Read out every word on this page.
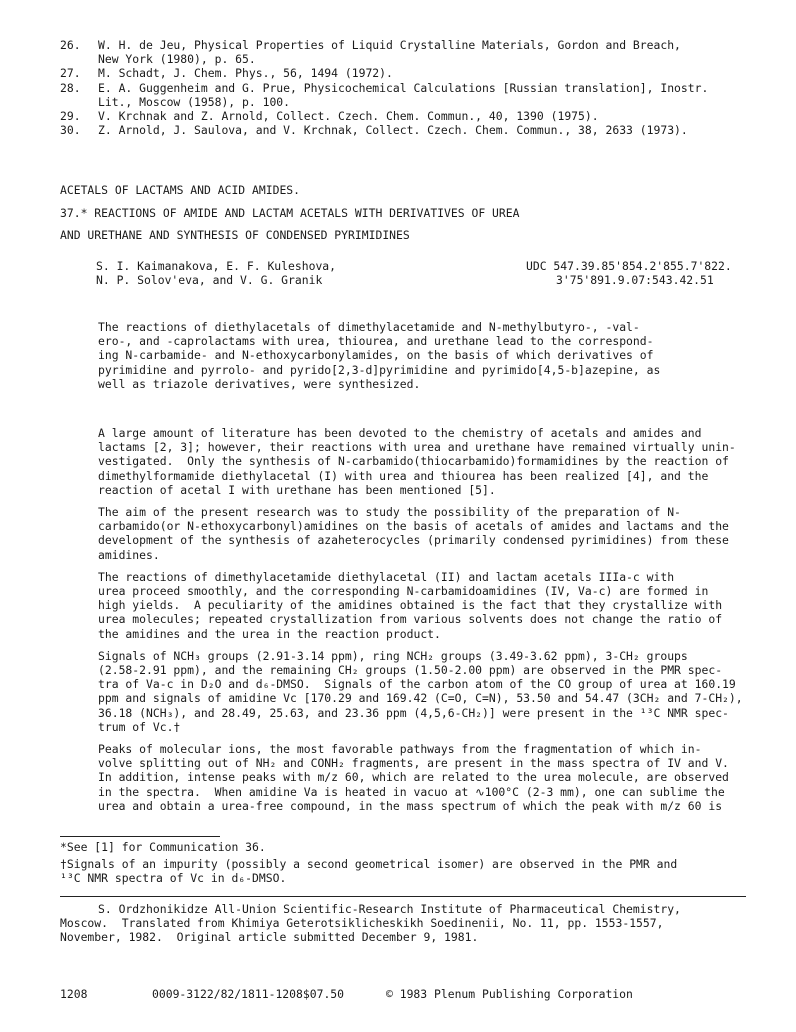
26. W. H. de Jeu, Physical Properties of Liquid Crystalline Materials, Gordon and Breach,
New York (1980), p. 65.
27. M. Schadt, J. Chem. Phys., 56, 1494 (1972).
28. E. A. Guggenheim and G. Prue, Physicochemical Calculations [Russian translation], Inostr.
Lit., Moscow (1958), p. 100.
29. V. Krchnak and Z. Arnold, Collect. Czech. Chem. Commun., 40, 1390 (1975).
30. Z. Arnold, J. Saulova, and V. Krchnak, Collect. Czech. Chem. Commun., 38, 2633 (1973).

ACETALS OF LACTAMS AND ACID AMIDES.

37.* REACTIONS OF AMIDE AND LACTAM ACETALS WITH DERIVATIVES OF UREA

AND URETHANE AND SYNTHESIS OF CONDENSED PYRIMIDINES

S. I. Kaimanakova, E. F. Kuleshova,
N. P. Solov'eva, and V. G. Granik
UDC 547.39.85'854.2'855.7'822.
3'75'891.9.07:543.42.51
The reactions of diethylacetals of dimethylacetamide and N-methylbutyro-, -val-
ero-, and -caprolactams with urea, thiourea, and urethane lead to the correspond-
ing N-carbamide- and N-ethoxycarbonylamides, on the basis of which derivatives of
pyrimidine and pyrrolo- and pyrido[2,3-d]pyrimidine and pyrimido[4,5-b]azepine, as
well as triazole derivatives, were synthesized.
A large amount of literature has been devoted to the chemistry of acetals and amides and
lactams [2, 3]; however, their reactions with urea and urethane have remained virtually unin-
vestigated.  Only the synthesis of N-carbamido(thiocarbamido)formamidines by the reaction of
dimethylformamide diethylacetal (I) with urea and thiourea has been realized [4], and the
reaction of acetal I with urethane has been mentioned [5].
The aim of the present research was to study the possibility of the preparation of N-
carbamido(or N-ethoxycarbonyl)amidines on the basis of acetals of amides and lactams and the
development of the synthesis of azaheterocycles (primarily condensed pyrimidines) from these
amidines.
The reactions of dimethylacetamide diethylacetal (II) and lactam acetals IIIa-c with
urea proceed smoothly, and the corresponding N-carbamidoamidines (IV, Va-c) are formed in
high yields.  A peculiarity of the amidines obtained is the fact that they crystallize with
urea molecules; repeated crystallization from various solvents does not change the ratio of
the amidines and the urea in the reaction product.
Signals of NCH₃ groups (2.91-3.14 ppm), ring NCH₂ groups (3.49-3.62 ppm), 3-CH₂ groups
(2.58-2.91 ppm), and the remaining CH₂ groups (1.50-2.00 ppm) are observed in the PMR spec-
tra of Va-c in D₂O and d₆-DMSO.  Signals of the carbon atom of the CO group of urea at 160.19
ppm and signals of amidine Vc [170.29 and 169.42 (C=O, C=N), 53.50 and 54.47 (3CH₂ and 7-CH₂),
36.18 (NCH₃), and 28.49, 25.63, and 23.36 ppm (4,5,6-CH₂)] were present in the ¹³C NMR spec-
trum of Vc.†
Peaks of molecular ions, the most favorable pathways from the fragmentation of which in-
volve splitting out of NH₂ and CONH₂ fragments, are present in the mass spectra of IV and V.
In addition, intense peaks with m/z 60, which are related to the urea molecule, are observed
in the spectra.  When amidine Va is heated in vacuo at ∿100°C (2-3 mm), one can sublime the
urea and obtain a urea-free compound, in the mass spectrum of which the peak with m/z 60 is

*See [1] for Communication 36.

†Signals of an impurity (possibly a second geometrical isomer) are observed in the PMR and
¹³C NMR spectra of Vc in d₆-DMSO.

S. Ordzhonikidze All-Union Scientific-Research Institute of Pharmaceutical Chemistry,

Moscow.  Translated from Khimiya Geterotsiklicheskikh Soedinenii, No. 11, pp. 1553-1557,
November, 1982.  Original article submitted December 9, 1981.
1208	0009-3122/82/1811-1208$07.50	© 1983 Plenum Publishing Corporation
